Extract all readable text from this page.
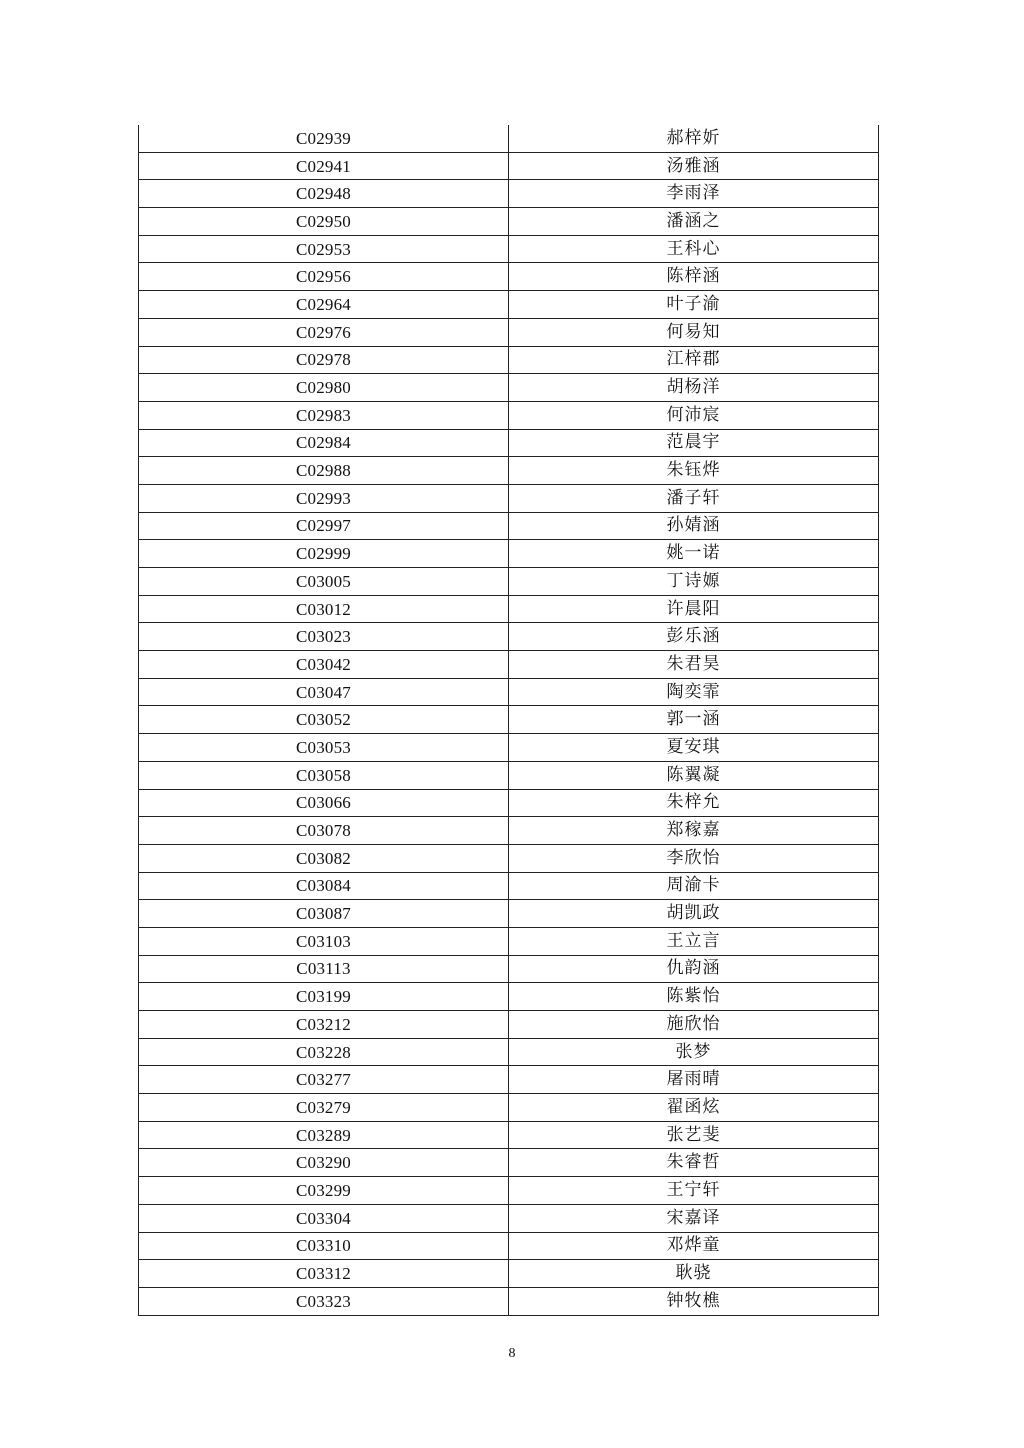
C02939	郝梓妡
C02941	汤雅涵
C02948	李雨泽
C02950	潘涵之
C02953	王科心
C02956	陈梓涵
C02964	叶子渝
C02976	何易知
C02978	江梓郡
C02980	胡杨洋
C02983	何沛宸
C02984	范晨宇
C02988	朱钰烨
C02993	潘子轩
C02997	孙婧涵
C02999	姚一诺
C03005	丁诗嫄
C03012	许晨阳
C03023	彭乐涵
C03042	朱君昊
C03047	陶奕霏
C03052	郭一涵
C03053	夏安琪
C03058	陈翼凝
C03066	朱梓允
C03078	郑稼嘉
C03082	李欣怡
C03084	周渝卡
C03087	胡凯政
C03103	王立言
C03113	仇韵涵
C03199	陈紫怡
C03212	施欣怡
C03228	张梦
C03277	屠雨晴
C03279	翟函炫
C03289	张艺斐
C03290	朱睿哲
C03299	王宁轩
C03304	宋嘉译
C03310	邓烨童
C03312	耿骁
C03323	钟牧樵
8
